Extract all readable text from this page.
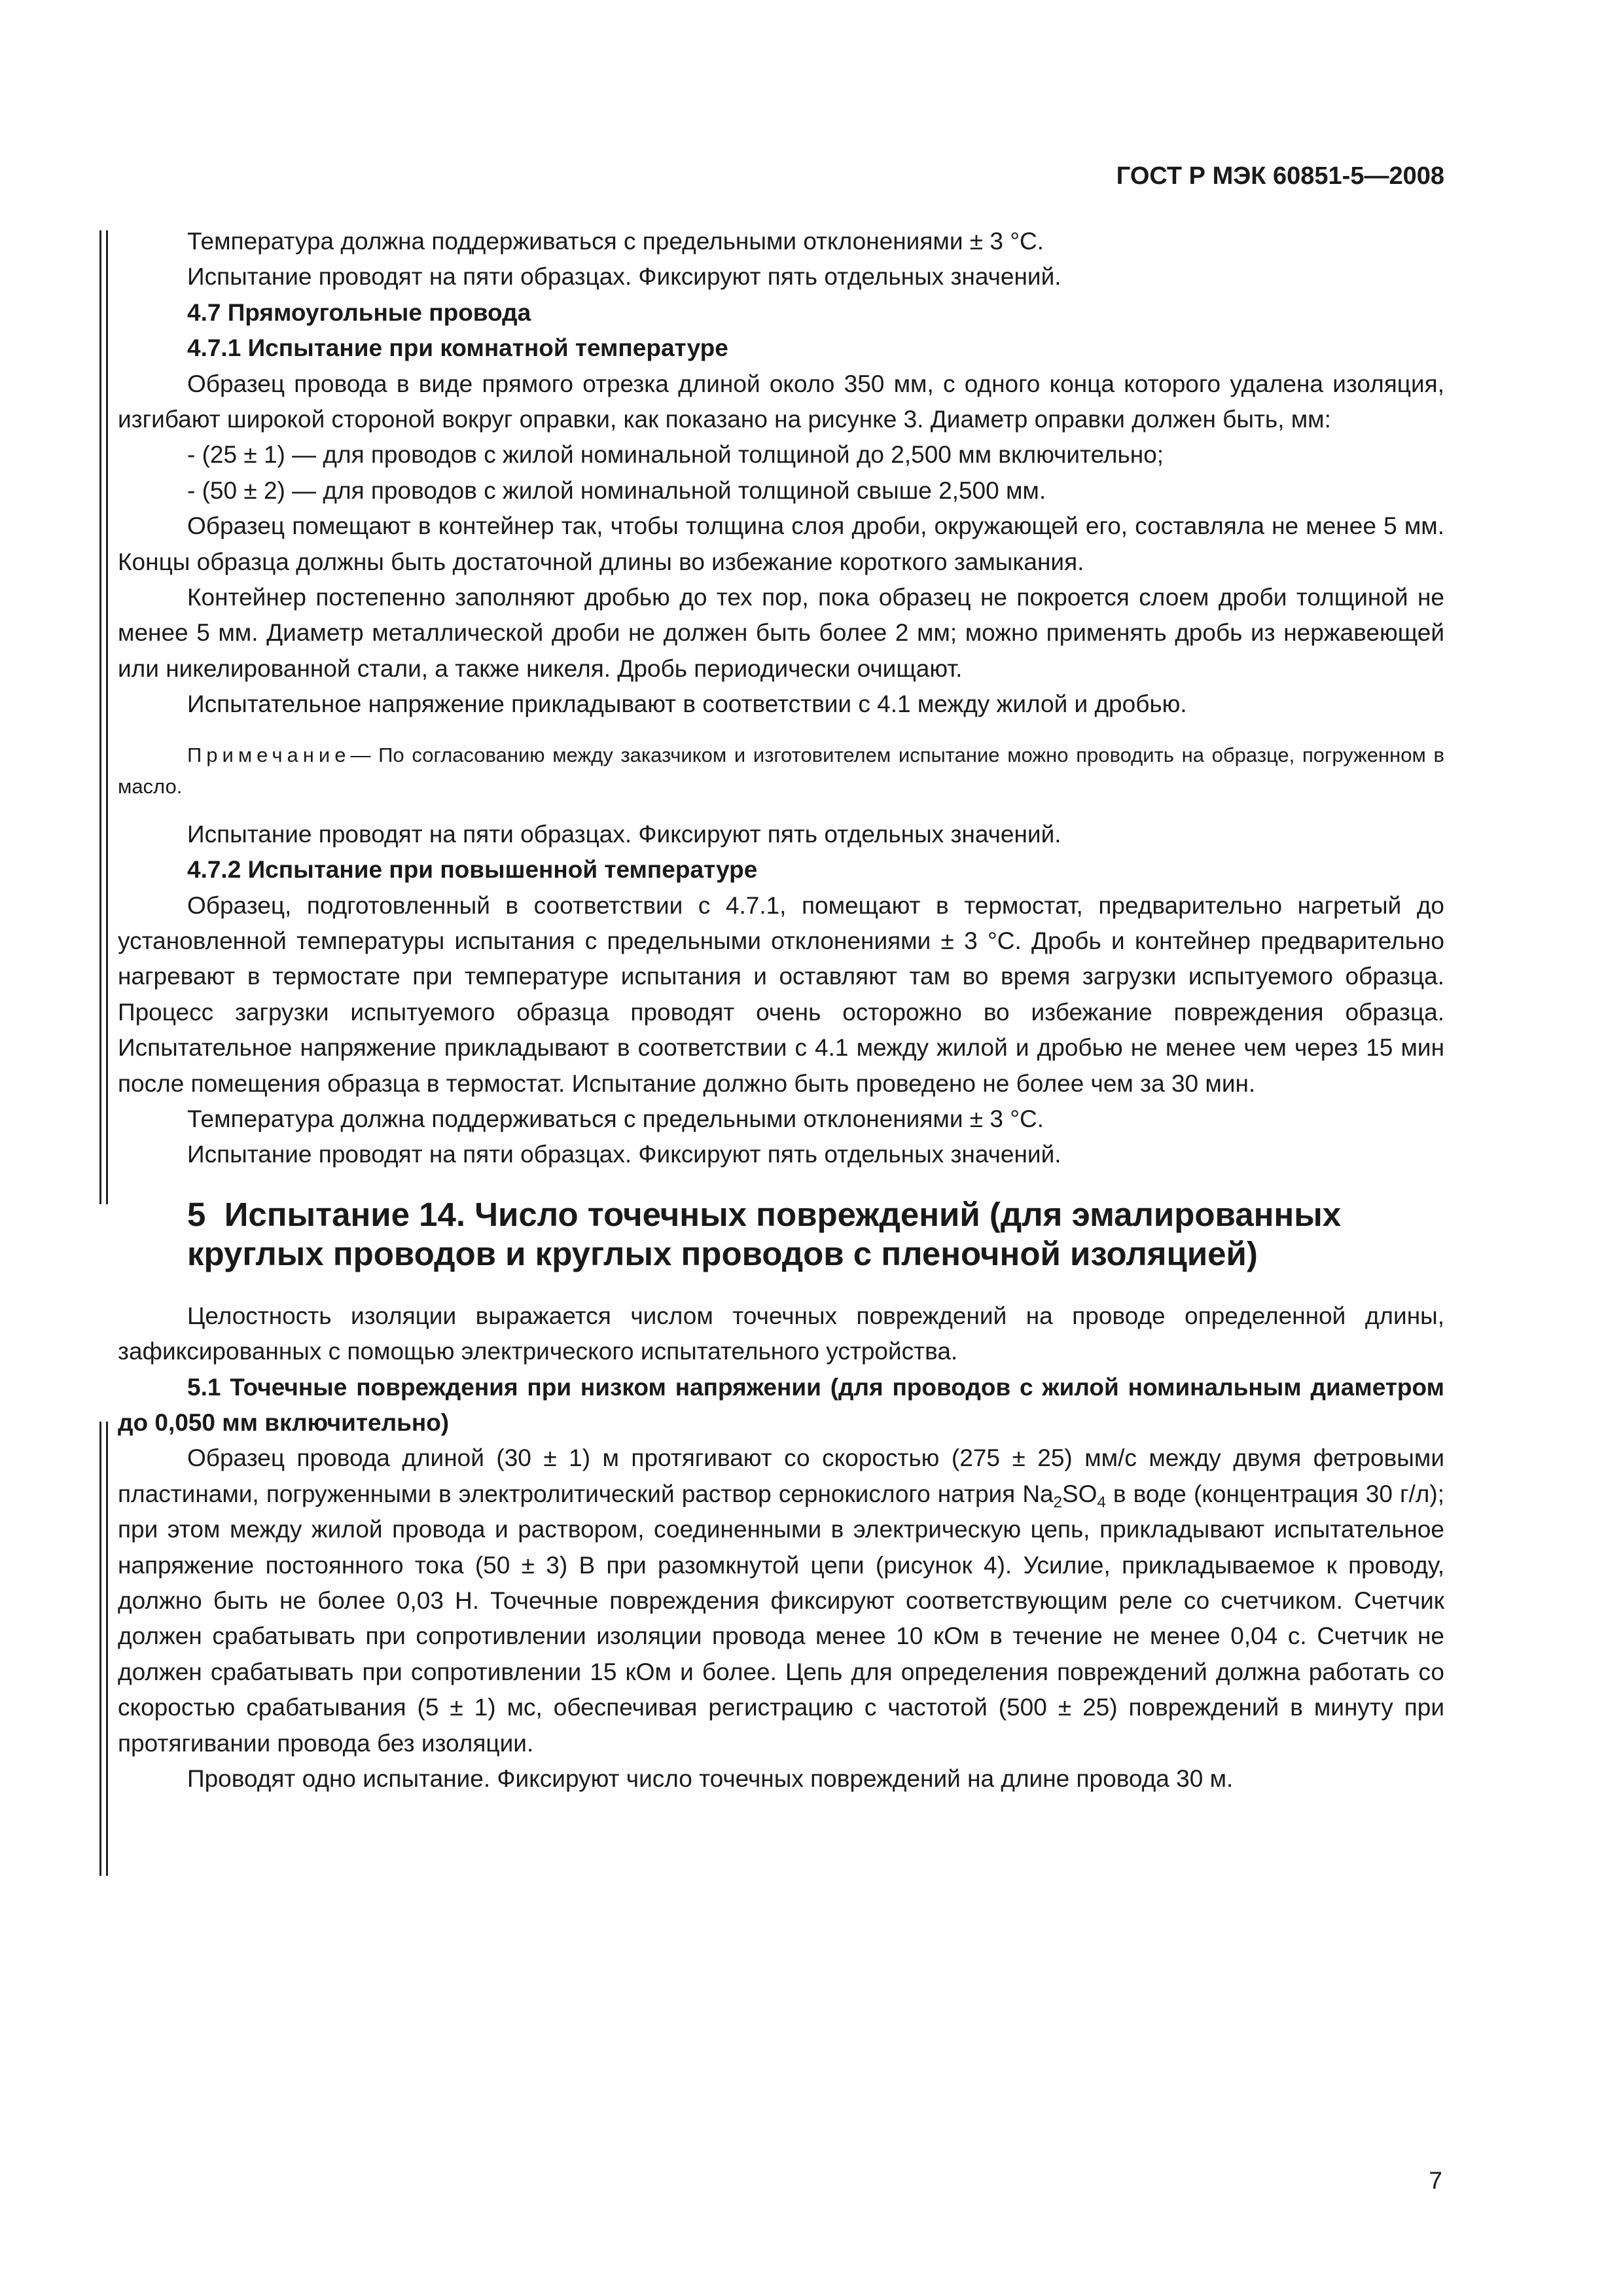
ГОСТ Р МЭК 60851-5—2008

Температура должна поддерживаться с предельными отклонениями ± 3 °С.

Испытание проводят на пяти образцах. Фиксируют пять отдельных значений.

4.7 Прямоугольные провода

4.7.1 Испытание при комнатной температуре

Образец провода в виде прямого отрезка длиной около 350 мм, с одного конца которого удалена изоляция, изгибают широкой стороной вокруг оправки, как показано на рисунке 3. Диаметр оправки должен быть, мм:

- (25 ± 1) — для проводов с жилой номинальной толщиной до 2,500 мм включительно;

- (50 ± 2) — для проводов с жилой номинальной толщиной свыше 2,500 мм.

Образец помещают в контейнер так, чтобы толщина слоя дроби, окружающей его, составляла не менее 5 мм. Концы образца должны быть достаточной длины во избежание короткого замыкания.

Контейнер постепенно заполняют дробью до тех пор, пока образец не покроется слоем дроби толщиной не менее 5 мм. Диаметр металлической дроби не должен быть более 2 мм; можно применять дробь из нержавеющей или никелированной стали, а также никеля. Дробь периодически очищают.

Испытательное напряжение прикладывают в соответствии с 4.1 между жилой и дробью.

Примечание— По согласованию между заказчиком и изготовителем испытание можно проводить на образце, погруженном в масло.

Испытание проводят на пяти образцах. Фиксируют пять отдельных значений.

4.7.2 Испытание при повышенной температуре

Образец, подготовленный в соответствии с 4.7.1, помещают в термостат, предварительно нагретый до установленной температуры испытания с предельными отклонениями ± 3 °С. Дробь и контейнер предварительно нагревают в термостате при температуре испытания и оставляют там во время загрузки испытуемого образца. Процесс загрузки испытуемого образца проводят очень осторожно во избежание повреждения образца. Испытательное напряжение прикладывают в соответствии с 4.1 между жилой и дробью не менее чем через 15 мин после помещения образца в термостат. Испытание должно быть проведено не более чем за 30 мин.

Температура должна поддерживаться с предельными отклонениями ± 3 °С.

Испытание проводят на пяти образцах. Фиксируют пять отдельных значений.

5 Испытание 14. Число точечных повреждений (для эмалированных
круглых проводов и круглых проводов с пленочной изоляцией)

Целостность изоляции выражается числом точечных повреждений на проводе определенной длины, зафиксированных с помощью электрического испытательного устройства.

5.1 Точечные повреждения при низком напряжении (для проводов с жилой номинальным диаметром до 0,050 мм включительно)

Образец провода длиной (30 ± 1) м протягивают со скоростью (275 ± 25) мм/с между двумя фетровыми пластинами, погруженными в электролитический раствор сернокислого натрия $Na_2SO_4$ в воде (концентрация 30 г/л); при этом между жилой провода и раствором, соединенными в электрическую цепь, прикладывают испытательное напряжение постоянного тока (50 ± 3) В при разомкнутой цепи (рисунок 4). Усилие, прикладываемое к проводу, должно быть не более 0,03 Н. Точечные повреждения фиксируют соответствующим реле со счетчиком. Счетчик должен срабатывать при сопротивлении изоляции провода менее 10 кОм в течение не менее 0,04 с. Счетчик не должен срабатывать при сопротивлении 15 кОм и более. Цепь для определения повреждений должна работать со скоростью срабатывания (5 ± 1) мс, обеспечивая регистрацию с частотой (500 ± 25) повреждений в минуту при протягивании провода без изоляции.

Проводят одно испытание. Фиксируют число точечных повреждений на длине провода 30 м.

7
